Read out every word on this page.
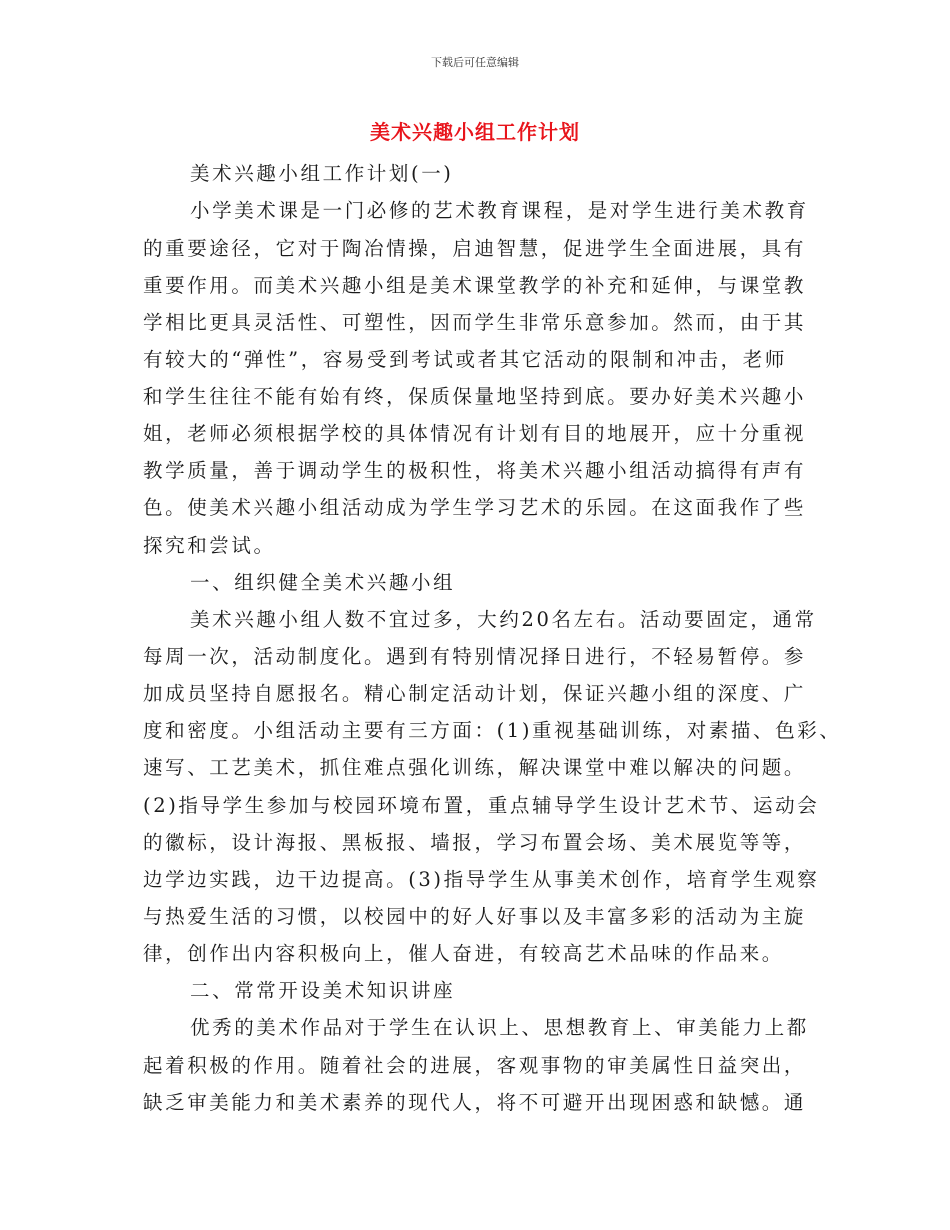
下载后可任意编辑
美术兴趣小组工作计划
美术兴趣小组工作计划(一)
小学美术课是一门必修的艺术教育课程，是对学生进行美术教育
的重要途径，它对于陶冶情操，启迪智慧，促进学生全面进展，具有
重要作用。而美术兴趣小组是美术课堂教学的补充和延伸，与课堂教
学相比更具灵活性、可塑性，因而学生非常乐意参加。然而，由于其
有较大的“弹性”，容易受到考试或者其它活动的限制和冲击，老师
和学生往往不能有始有终，保质保量地坚持到底。要办好美术兴趣小
姐，老师必须根据学校的具体情况有计划有目的地展开，应十分重视
教学质量，善于调动学生的极积性，将美术兴趣小组活动搞得有声有
色。使美术兴趣小组活动成为学生学习艺术的乐园。在这面我作了些
探究和尝试。
一、组织健全美术兴趣小组
美术兴趣小组人数不宜过多，大约20名左右。活动要固定，通常
每周一次，活动制度化。遇到有特别情况择日进行，不轻易暂停。参
加成员坚持自愿报名。精心制定活动计划，保证兴趣小组的深度、广
度和密度。小组活动主要有三方面：(1)重视基础训练，对素描、色彩、
速写、工艺美术，抓住难点强化训练，解决课堂中难以解决的问题。
(2)指导学生参加与校园环境布置，重点辅导学生设计艺术节、运动会
的徽标，设计海报、黑板报、墙报，学习布置会场、美术展览等等，
边学边实践，边干边提高。(3)指导学生从事美术创作，培育学生观察
与热爱生活的习惯，以校园中的好人好事以及丰富多彩的活动为主旋
律，创作出内容积极向上，催人奋进，有较高艺术品味的作品来。
二、常常开设美术知识讲座
优秀的美术作品对于学生在认识上、思想教育上、审美能力上都
起着积极的作用。随着社会的进展，客观事物的审美属性日益突出，
缺乏审美能力和美术素养的现代人，将不可避开出现困惑和缺憾。通
